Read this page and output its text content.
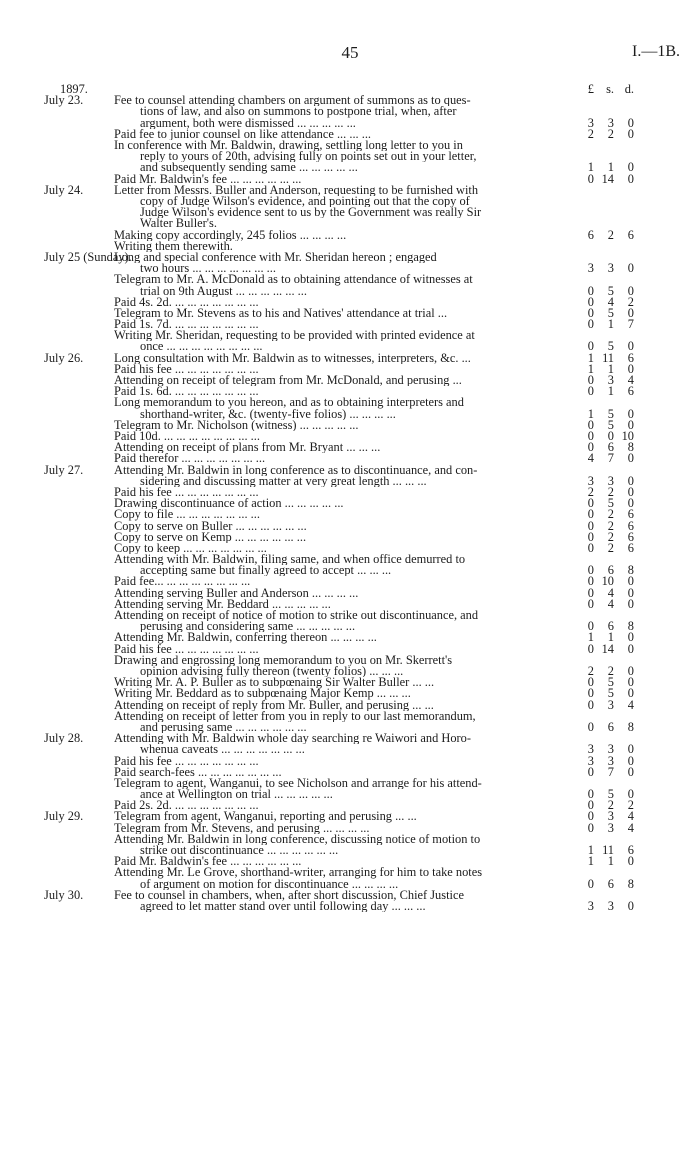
45	I.—1B.
1897.	£ s. d.
July 23.	Fee to counsel attending chambers on argument of summons as to ques-
tions of law, and also on summons to postpone trial, when, after
argument, both were dismissed ... ... ... ... ...	3 3 0
Paid fee to junior counsel on like attendance ... ... ...	2 2 0
In conference with Mr. Baldwin, drawing, settling long letter to you in
reply to yours of 20th, advising fully on points set out in your letter,
and subsequently sending same ... ... ... ... ...	1 1 0
Paid Mr. Baldwin's fee ... ... ... ... ... ...	0 14 0
July 24.	Letter from Messrs. Buller and Anderson, requesting to be furnished with
copy of Judge Wilson's evidence, and pointing out that the copy of
Judge Wilson's evidence sent to us by the Government was really Sir
Walter Buller's.
Making copy accordingly, 245 folios ... ... ... ...	6 2 6
Writing them therewith.
July 25 (Sunday).
Long and special conference with Mr. Sheridan hereon ; engaged
two hours ... ... ... ... ... ... ...	3 3 0
Telegram to Mr. A. McDonald as to obtaining attendance of witnesses at
trial on 9th August ... ... ... ... ... ...	0 5 0
Paid 4s. 2d. ... ... ... ... ... ... ...	0 4 2
Telegram to Mr. Stevens as to his and Natives' attendance at trial ...	0 5 0
Paid 1s. 7d. ... ... ... ... ... ... ...	0 1 7
Writing Mr. Sheridan, requesting to be provided with printed evidence at
once ... ... ... ... ... ... ... ...	0 5 0
July 26.	Long consultation with Mr. Baldwin as to witnesses, interpreters, &c. ...	1 11 6
Paid his fee ... ... ... ... ... ... ...	1 1 0
Attending on receipt of telegram from Mr. McDonald, and perusing ...	0 3 4
Paid 1s. 6d. ... ... ... ... ... ... ...	0 1 6
Long memorandum to you hereon, and as to obtaining interpreters and
shorthand-writer, &c. (twenty-five folios) ... ... ... ...	1 5 0
Telegram to Mr. Nicholson (witness) ... ... ... ... ...	0 5 0
Paid 10d. ... ... ... ... ... ... ... ...	0 0 10
Attending on receipt of plans from Mr. Bryant ... ... ...	0 6 8
Paid therefor ... ... ... ... ... ... ...	4 7 0
July 27.	Attending Mr. Baldwin in long conference as to discontinuance, and con-
sidering and discussing matter at very great length ... ... ...	3 3 0
Paid his fee ... ... ... ... ... ... ...	2 2 0
Drawing discontinuance of action ... ... ... ... ...	0 5 0
Copy to file ... ... ... ... ... ... ...	0 2 6
Copy to serve on Buller ... ... ... ... ... ...	0 2 6
Copy to serve on Kemp ... ... ... ... ... ...	0 2 6
Copy to keep ... ... ... ... ... ... ...	0 2 6
Attending with Mr. Baldwin, filing same, and when office demurred to
accepting same but finally agreed to accept ... ... ...	0 6 8
Paid fee... ... ... ... ... ... ... ...	0 10 0
Attending serving Buller and Anderson ... ... ... ...	0 4 0
Attending serving Mr. Beddard ... ... ... ... ...	0 4 0
Attending on receipt of notice of motion to strike out discontinuance, and
perusing and considering same ... ... ... ... ...	0 6 8
Attending Mr. Baldwin, conferring thereon ... ... ... ...	1 1 0
Paid his fee ... ... ... ... ... ... ...	0 14 0
Drawing and engrossing long memorandum to you on Mr. Skerrett's
opinion advising fully thereon (twenty folios) ... ... ...	2 2 0
Writing Mr. A. P. Buller as to subpœnaing Sir Walter Buller ... ...	0 5 0
Writing Mr. Beddard as to subpœnaing Major Kemp ... ... ...	0 5 0
Attending on receipt of reply from Mr. Buller, and perusing ... ...	0 3 4
Attending on receipt of letter from you in reply to our last memorandum,
and perusing same ... ... ... ... ... ...	0 6 8
July 28.	Attending with Mr. Baldwin whole day searching re Waiwori and Horo-
whenua caveats ... ... ... ... ... ... ...	3 3 0
Paid his fee ... ... ... ... ... ... ...	3 3 0
Paid search-fees ... ... ... ... ... ... ...	0 7 0
Telegram to agent, Wanganui, to see Nicholson and arrange for his attend-
ance at Wellington on trial ... ... ... ... ...	0 5 0
Paid 2s. 2d. ... ... ... ... ... ... ...	0 2 2
July 29.	Telegram from agent, Wanganui, reporting and perusing ... ...	0 3 4
Telegram from Mr. Stevens, and perusing ... ... ... ...	0 3 4
Attending Mr. Baldwin in long conference, discussing notice of motion to
strike out discontinuance ... ... ... ... ... ...	1 11 6
Paid Mr. Baldwin's fee ... ... ... ... ... ...	1 1 0
Attending Mr. Le Grove, shorthand-writer, arranging for him to take notes
of argument on motion for discontinuance ... ... ... ...	0 6 8
July 30.	Fee to counsel in chambers, when, after short discussion, Chief Justice
agreed to let matter stand over until following day ... ... ...	3 3 0
